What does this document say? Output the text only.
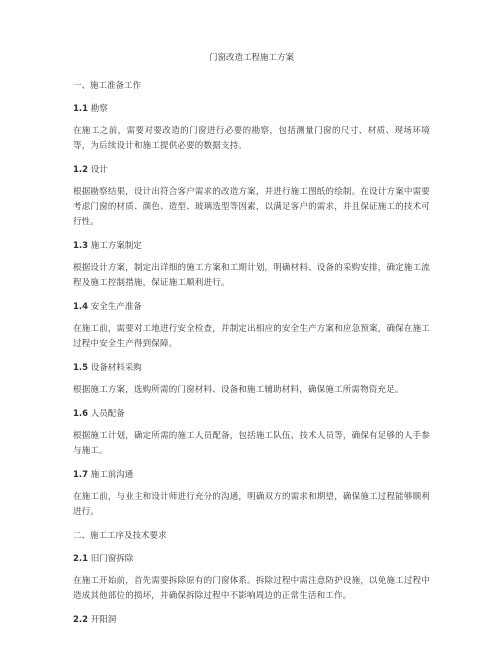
门窗改造工程施工方案
一、施工准备工作
1.1 勘察
在施工之前，需要对要改造的门窗进行必要的勘察，包括测量门窗的尺寸、材质、现场环境等，为后续设计和施工提供必要的数据支持。
1.2 设计
根据勘察结果，设计出符合客户需求的改造方案，并进行施工图纸的绘制。在设计方案中需要考虑门窗的材质、颜色、造型、玻璃选型等因素，以满足客户的需求，并且保证施工的技术可行性。
1.3 施工方案制定
根据设计方案，制定出详细的施工方案和工期计划，明确材料、设备的采购安排，确定施工流程及施工控制措施，保证施工顺利进行。
1.4 安全生产准备
在施工前，需要对工地进行安全检查，并制定出相应的安全生产方案和应急预案，确保在施工过程中安全生产得到保障。
1.5 设备材料采购
根据施工方案，选购所需的门窗材料、设备和施工辅助材料，确保施工所需物资充足。
1.6 人员配备
根据施工计划，确定所需的施工人员配备，包括施工队伍、技术人员等，确保有足够的人手参与施工。
1.7 施工前沟通
在施工前，与业主和设计师进行充分的沟通，明确双方的需求和期望，确保施工过程能够顺利进行。
二、施工工序及技术要求
2.1 旧门窗拆除
在施工开始前，首先需要拆除原有的门窗体系。拆除过程中需注意防护设施，以免施工过程中造成其他部位的损坏，并确保拆除过程中不影响周边的正常生活和工作。
2.2 开阳洞
